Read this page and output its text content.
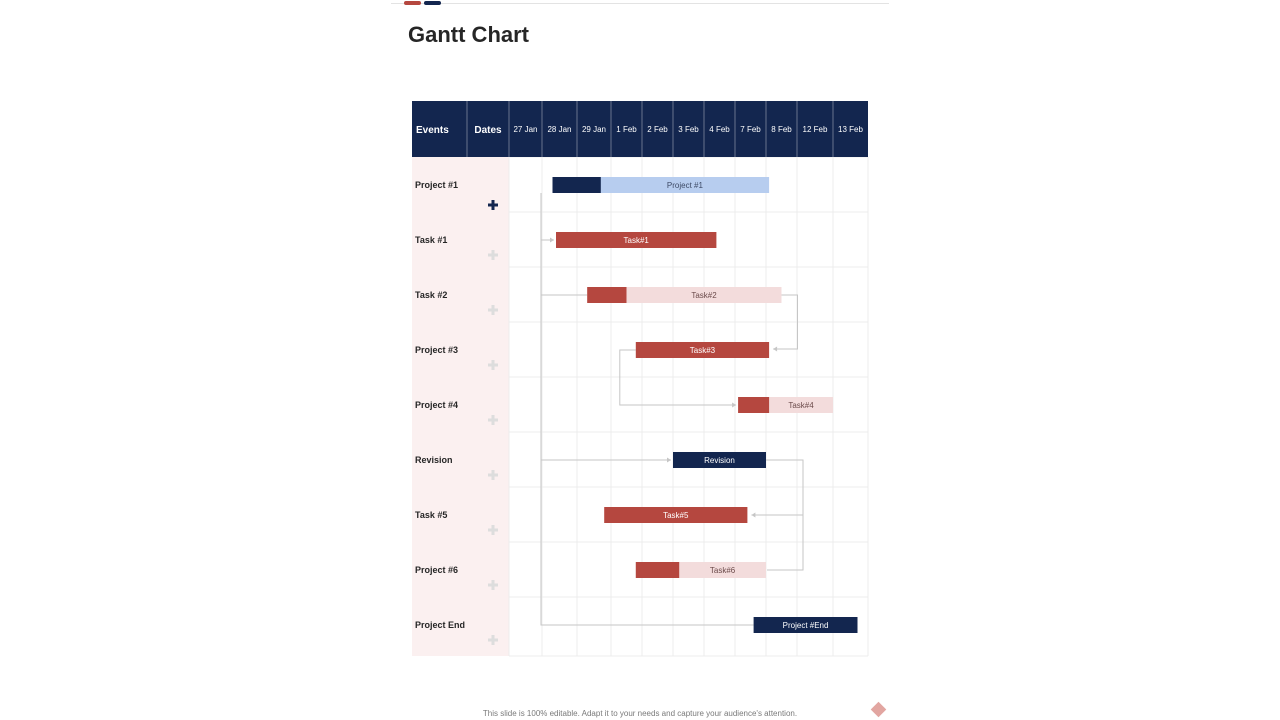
Gantt Chart
Events	Dates 27 Jan 28 Jan 29 Jan 1 Feb 2 Feb 3 Feb 4 Feb 7 Feb 8 Feb 12 Feb 13 Feb
Project #1
Task #1
Task #2
Project #3
Project #4
Revision
Task #5
Project #6
Project End
Project #1
Task#1
Task#2
Task#3
Task#4
Revision
Task#5
Task#6
Project #End
This slide is 100% editable. Adapt it to your needs and capture your audience's attention.
